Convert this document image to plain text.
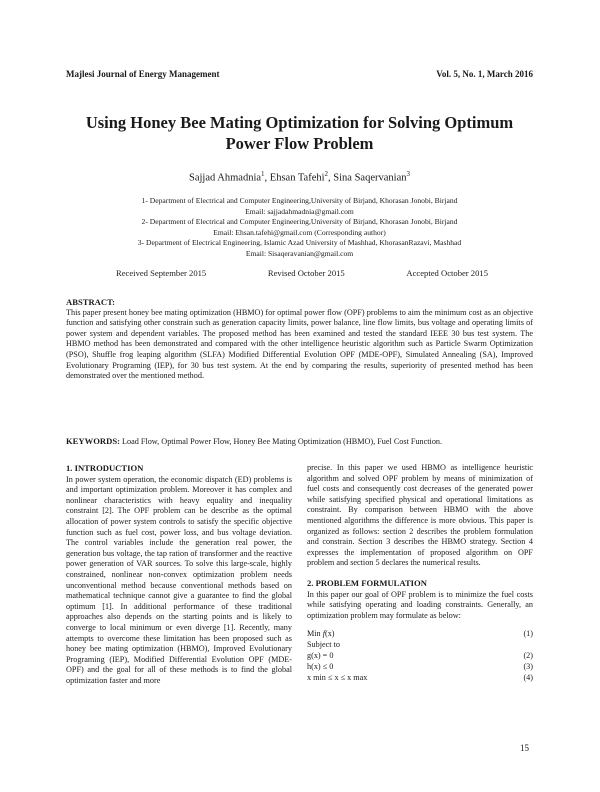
Majlesi Journal of Energy Management	Vol. 5, No. 1, March 2016
Using Honey Bee Mating Optimization for Solving Optimum
Power Flow Problem
Sajjad Ahmadnia$^1$, Ehsan Tafehi$^2$, Sina Saqervanian$^3$
1- Department of Electrical and Computer Engineering,University of Birjand, Khorasan Jonobi, Birjand
Email: sajjadahmadnia@gmail.com
2- Department of Electrical and Computer Engineering,University of Birjand, Khorasan Jonobi, Birjand
Email: Ehsan.tafehi@gmail.com (Corresponding author)
3- Department of Electrical Engineering, Islamic Azad University of Mashhad, KhorasanRazavi, Mashhad
Email: Sisaqeravanian@gmail.com
Received September 2015	Revised October 2015	Accepted October 2015
ABSTRACT:
This paper present honey bee mating optimization (HBMO) for optimal power flow (OPF) problems to aim the minimum cost as an objective function and satisfying other constrain such as generation capacity limits, power balance, line flow limits, bus voltage and operating limits of power system and dependent variables. The proposed method has been examined and tested the standard IEEE 30 bus test system. The HBMO method has been demonstrated and compared with the other intelligence heuristic algorithm such as Particle Swarm Optimization (PSO), Shuffle frog leaping algorithm (SLFA) Modified Differential Evolution OPF (MDE-OPF), Simulated Annealing (SA), Improved Evolutionary Programing (IEP), for 30 bus test system. At the end by comparing the results, superiority of presented method has been demonstrated over the mentioned method.
KEYWORDS: Load Flow, Optimal Power Flow, Honey Bee Mating Optimization (HBMO), Fuel Cost Function.
1. INTRODUCTION

In power system operation, the economic dispatch (ED) problems is and important optimization problem. Moreover it has complex and nonlinear characteristics with heavy equality and inequality constraint [2]. The OPF problem can be describe as the optimal allocation of power system controls to satisfy the specific objective function such as fuel cost, power loss, and bus voltage deviation. The control variables include the generation real power, the generation bus voltage, the tap ration of transformer and the reactive power generation of VAR sources. To solve this large-scale, highly constrained, nonlinear non-convex optimization problem needs unconventional method because conventional methods based on mathematical technique cannot give a guarantee to find the global optimum [1]. In additional performance of these traditional approaches also depends on the starting points and is likely to converge to local minimum or even diverge [1]. Recently, many attempts to overcome these limitation has been proposed such as honey bee mating optimization (HBMO), Improved Evolutionary Programing (IEP), Modified Differential Evolution OPF (MDE-OPF) and the goal for all of these methods is to find the global optimization faster and more

precise. In this paper we used HBMO as intelligence heuristic algorithm and solved OPF problem by means of minimization of fuel costs and consequently cost decreases of the generated power while satisfying specified physical and operational limitations as constraint. By comparison between HBMO with the above mentioned algorithms the difference is more obvious. This paper is organized as follows: section 2 describes the problem formulation and constrain. Section 3 describes the HBMO strategy. Section 4 expresses the implementation of proposed algorithm on OPF problem and section 5 declares the numerical results.

2. PROBLEM FORMULATION

In this paper our goal of OPF problem is to minimize the fuel costs while satisfying operating and loading constraints. Generally, an optimization problem may formulate as below:

Min f(x)	(1)
Subject to
g(x) = 0	(2)
h(x) ≤ 0	(3)
x min ≤ x ≤ x max	(4)
15
